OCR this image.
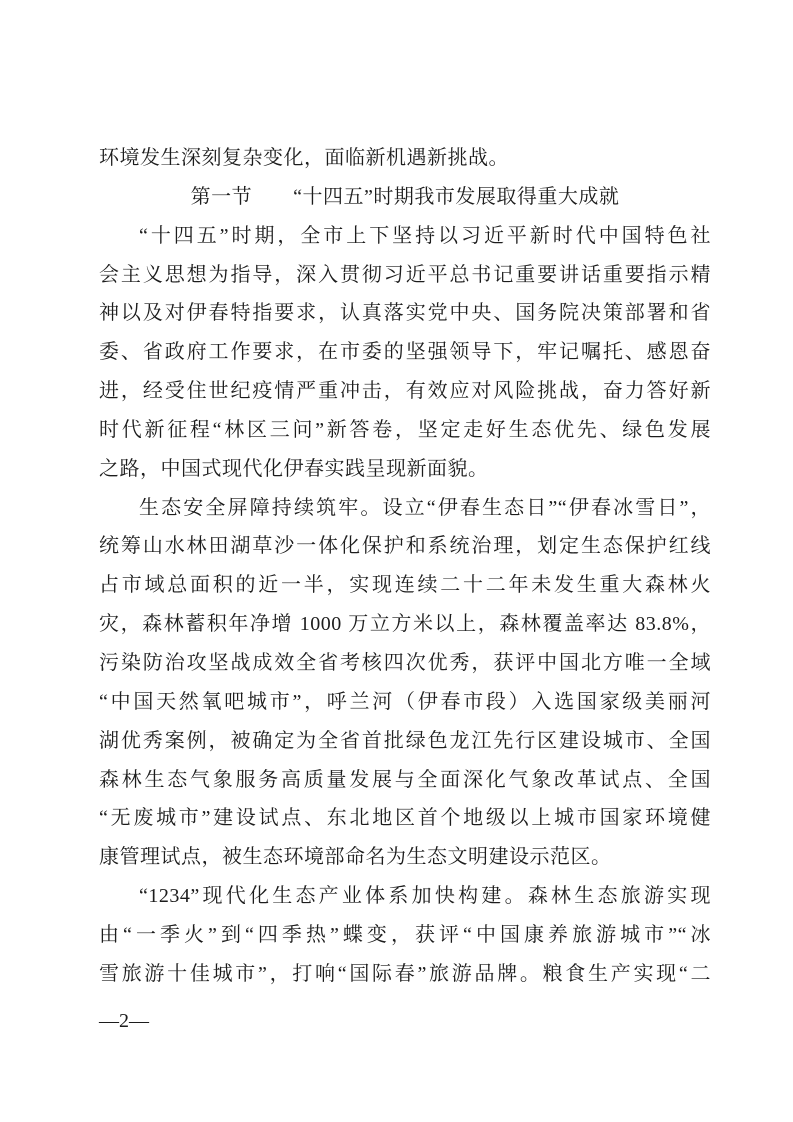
环境发生深刻复杂变化，面临新机遇新挑战。
第一节　　“十四五”时期我市发展取得重大成就
“十四五”时期，全市上下坚持以习近平新时代中国特色社
会主义思想为指导，深入贯彻习近平总书记重要讲话重要指示精
神以及对伊春特指要求，认真落实党中央、国务院决策部署和省
委、省政府工作要求，在市委的坚强领导下，牢记嘱托、感恩奋
进，经受住世纪疫情严重冲击，有效应对风险挑战，奋力答好新
时代新征程“林区三问”新答卷，坚定走好生态优先、绿色发展
之路，中国式现代化伊春实践呈现新面貌。
生态安全屏障持续筑牢。设立“伊春生态日”“伊春冰雪日”，
统筹山水林田湖草沙一体化保护和系统治理，划定生态保护红线
占市域总面积的近一半，实现连续二十二年未发生重大森林火
灾，森林蓄积年净增 1000 万立方米以上，森林覆盖率达 83.8%，
污染防治攻坚战成效全省考核四次优秀，获评中国北方唯一全域
“中国天然氧吧城市”，呼兰河（伊春市段）入选国家级美丽河
湖优秀案例，被确定为全省首批绿色龙江先行区建设城市、全国
森林生态气象服务高质量发展与全面深化气象改革试点、全国
“无废城市”建设试点、东北地区首个地级以上城市国家环境健
康管理试点，被生态环境部命名为生态文明建设示范区。
“1234”现代化生态产业体系加快构建。森林生态旅游实现
由“一季火”到“四季热”蝶变，获评“中国康养旅游城市”“冰
雪旅游十佳城市”，打响“国际春”旅游品牌。粮食生产实现“二
—2—
